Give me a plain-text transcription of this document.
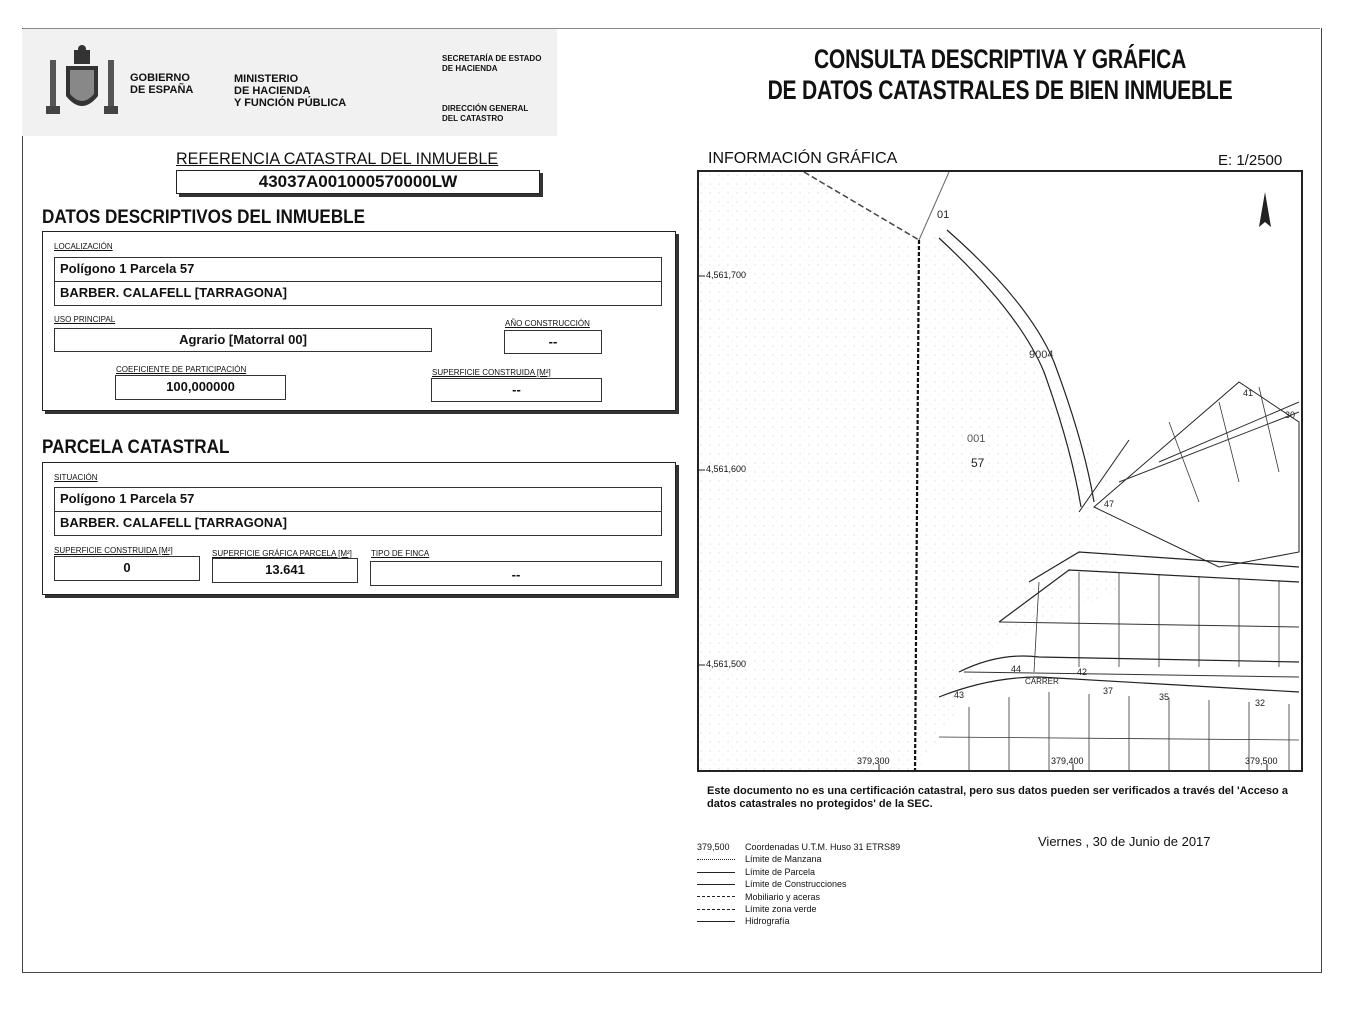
GOBIERNO
DE ESPAÑA
MINISTERIO
DE HACIENDA
Y FUNCIÓN PÚBLICA
SECRETARÍA DE ESTADO
DE HACIENDA
DIRECCIÓN GENERAL
DEL CATASTRO
CONSULTA DESCRIPTIVA Y GRÁFICA
DE DATOS CATASTRALES DE BIEN INMUEBLE
REFERENCIA CATASTRAL DEL INMUEBLE
43037A001000570000LW
DATOS DESCRIPTIVOS DEL INMUEBLE
LOCALIZACIÓN
Polígono 1 Parcela 57
BARBER. CALAFELL [TARRAGONA]
USO PRINCIPAL
Agrario [Matorral 00]
AÑO CONSTRUCCIÓN
--
COEFICIENTE DE PARTICIPACIÓN
100,000000
SUPERFICIE CONSTRUIDA [M²]
--
PARCELA CATASTRAL
SITUACIÓN
Polígono 1 Parcela 57
BARBER. CALAFELL [TARRAGONA]
SUPERFICIE CONSTRUIDA [M²]
0
SUPERFICIE GRÁFICA PARCELA [M²]
13.641
TIPO DE FINCA
--
INFORMACIÓN GRÁFICA	E: 1/2500
01
9004
001
57
41
30
47
44	42
43
CARRER
37
35
32
4,561,700
4,561,600
4,561,500
379,300	379,400	379,500
Este documento no es una certificación catastral, pero sus datos pueden ser verificados a través del 'Acceso a datos catastrales no protegidos' de la SEC.
Viernes , 30 de Junio de 2017
379,500	Coordenadas U.T.M. Huso 31 ETRS89
Límite de Manzana
Límite de Parcela
Límite de Construcciones
Mobiliario y aceras
Límite zona verde
Hidrografía
